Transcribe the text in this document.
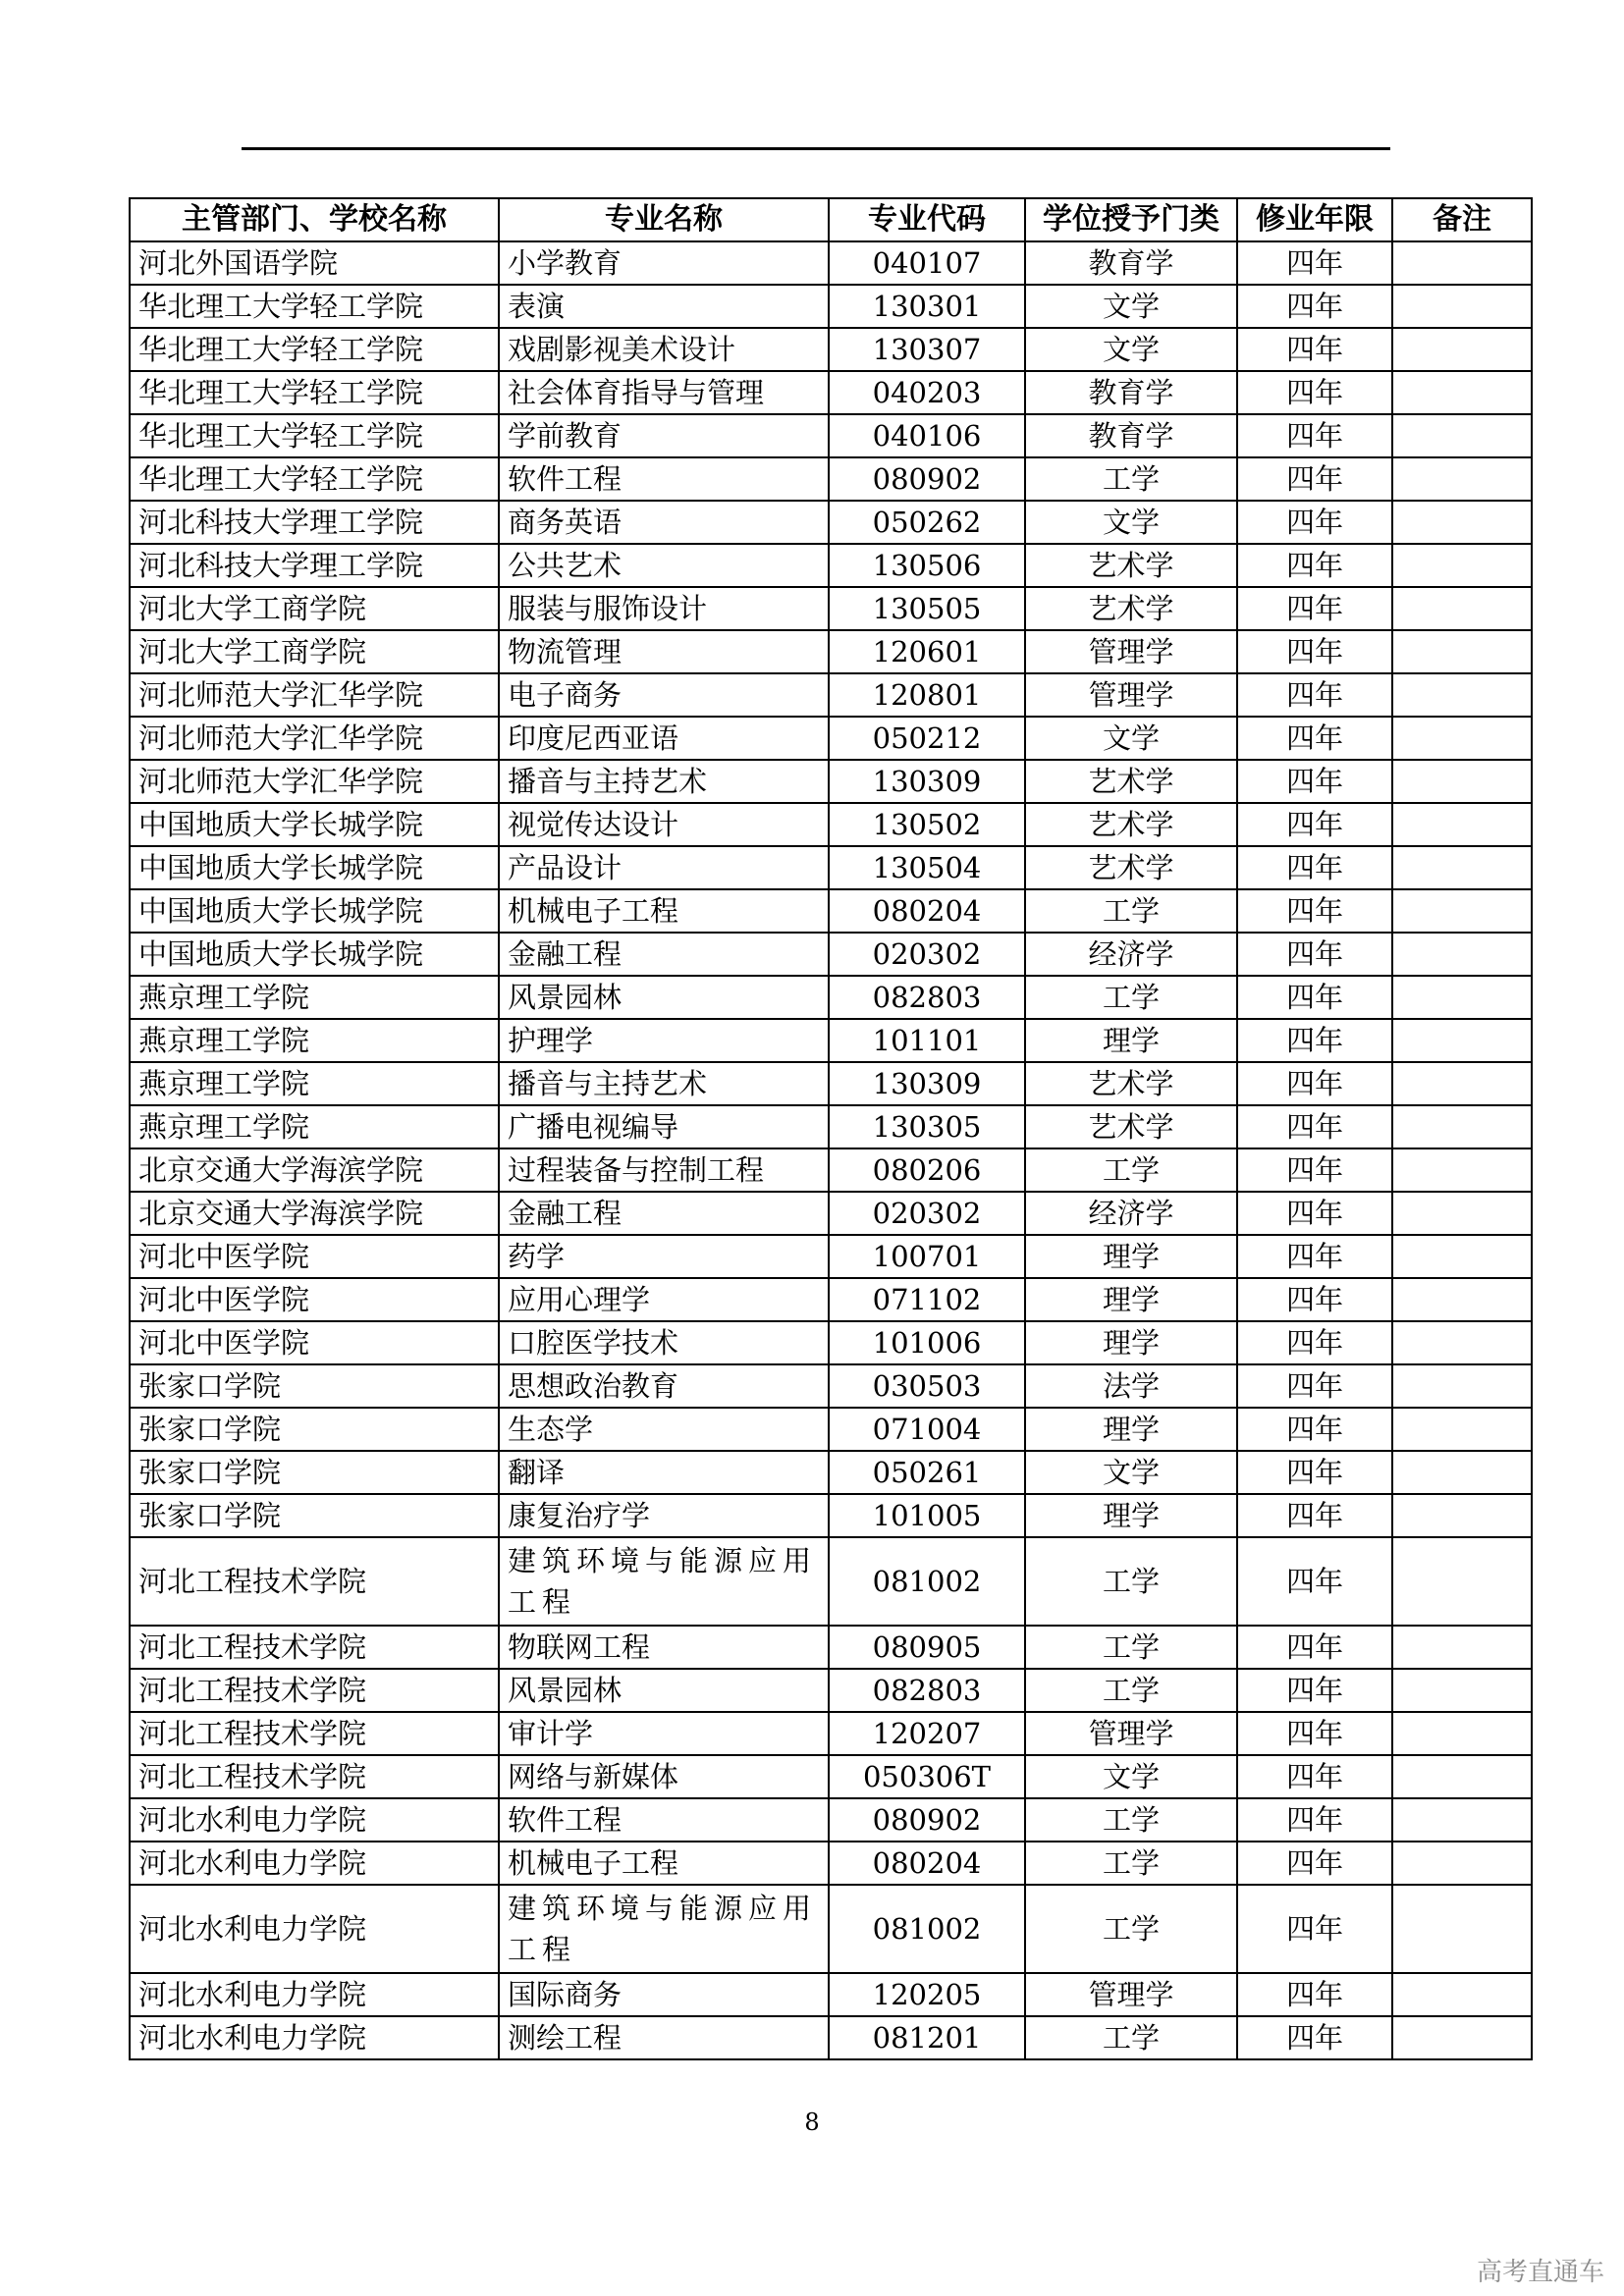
主管部门、学校名称	专业名称	专业代码	学位授予门类	修业年限	备注
河北外国语学院	小学教育	040107	教育学	四年	
华北理工大学轻工学院	表演	130301	文学	四年	
华北理工大学轻工学院	戏剧影视美术设计	130307	文学	四年	
华北理工大学轻工学院	社会体育指导与管理	040203	教育学	四年	
华北理工大学轻工学院	学前教育	040106	教育学	四年	
华北理工大学轻工学院	软件工程	080902	工学	四年	
河北科技大学理工学院	商务英语	050262	文学	四年	
河北科技大学理工学院	公共艺术	130506	艺术学	四年	
河北大学工商学院	服装与服饰设计	130505	艺术学	四年	
河北大学工商学院	物流管理	120601	管理学	四年	
河北师范大学汇华学院	电子商务	120801	管理学	四年	
河北师范大学汇华学院	印度尼西亚语	050212	文学	四年	
河北师范大学汇华学院	播音与主持艺术	130309	艺术学	四年	
中国地质大学长城学院	视觉传达设计	130502	艺术学	四年	
中国地质大学长城学院	产品设计	130504	艺术学	四年	
中国地质大学长城学院	机械电子工程	080204	工学	四年	
中国地质大学长城学院	金融工程	020302	经济学	四年	
燕京理工学院	风景园林	082803	工学	四年	
燕京理工学院	护理学	101101	理学	四年	
燕京理工学院	播音与主持艺术	130309	艺术学	四年	
燕京理工学院	广播电视编导	130305	艺术学	四年	
北京交通大学海滨学院	过程装备与控制工程	080206	工学	四年	
北京交通大学海滨学院	金融工程	020302	经济学	四年	
河北中医学院	药学	100701	理学	四年	
河北中医学院	应用心理学	071102	理学	四年	
河北中医学院	口腔医学技术	101006	理学	四年	
张家口学院	思想政治教育	030503	法学	四年	
张家口学院	生态学	071004	理学	四年	
张家口学院	翻译	050261	文学	四年	
张家口学院	康复治疗学	101005	理学	四年	
河北工程技术学院	建筑环境与能源应用工程	081002	工学	四年	
河北工程技术学院	物联网工程	080905	工学	四年	
河北工程技术学院	风景园林	082803	工学	四年	
河北工程技术学院	审计学	120207	管理学	四年	
河北工程技术学院	网络与新媒体	050306T	文学	四年	
河北水利电力学院	软件工程	080902	工学	四年	
河北水利电力学院	机械电子工程	080204	工学	四年	
河北水利电力学院	建筑环境与能源应用工程	081002	工学	四年	
河北水利电力学院	国际商务	120205	管理学	四年	
河北水利电力学院	测绘工程	081201	工学	四年	
8
高考直通车
